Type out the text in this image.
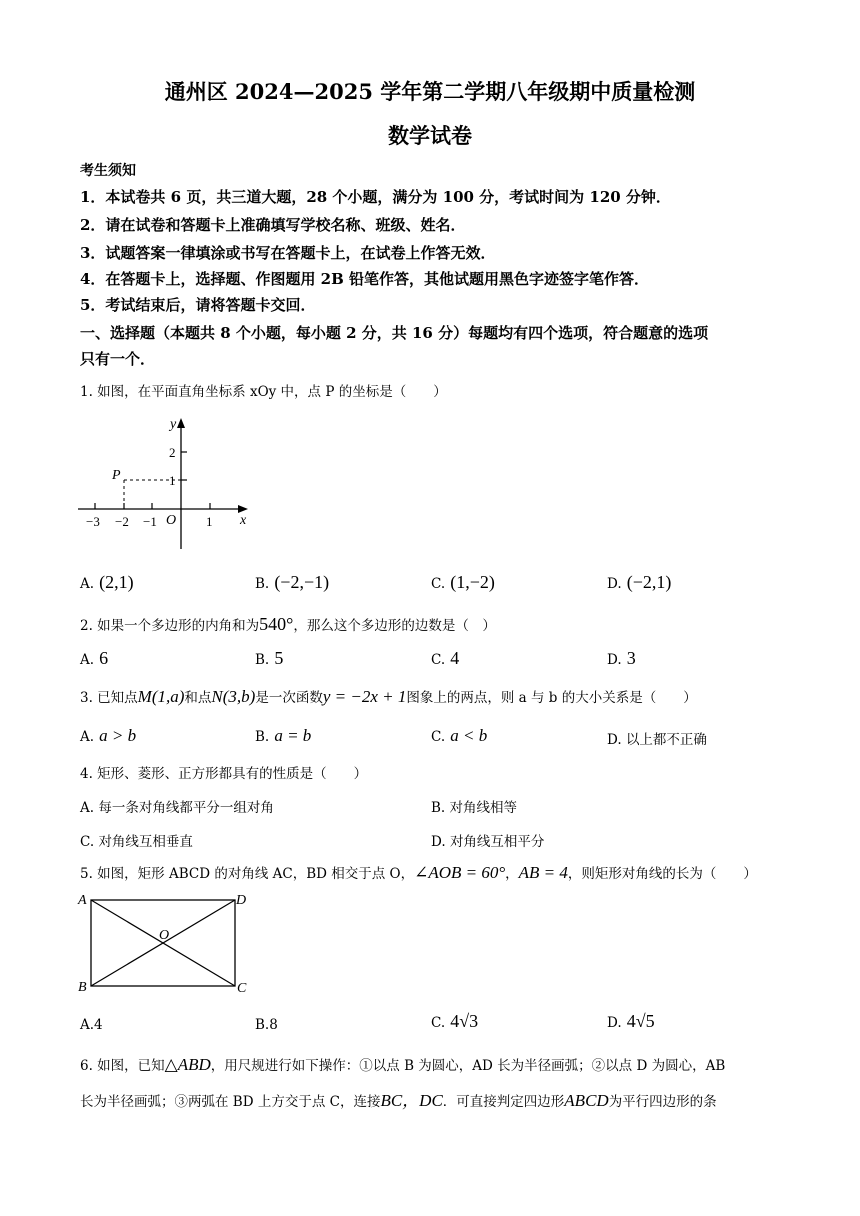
通州区 2024—2025 学年第二学期八年级期中质量检测
数学试卷
考生须知
1．本试卷共 6 页，共三道大题，28 个小题，满分为 100 分，考试时间为 120 分钟．
2．请在试卷和答题卡上准确填写学校名称、班级、姓名．
3．试题答案一律填涂或书写在答题卡上，在试卷上作答无效．
4．在答题卡上，选择题、作图题用 2B 铅笔作答，其他试题用黑色字迹签字笔作答．
5．考试结束后，请将答题卡交回．
一、选择题（本题共 8 个小题，每小题 2 分，共 16 分）每题均有四个选项，符合题意的选项
只有一个．
1. 如图，在平面直角坐标系 xOy 中，点 P 的坐标是（　　）
−3 −2 −1	1
2
1
O	x
y
P
A. (2,1)	B. (−2,−1)	C. (1,−2)	D. (−2,1)
2. 如果一个多边形的内角和为540°，那么这个多边形的边数是（　）
A. 6	B. 5	C. 4	D. 3
3. 已知点M(1,a)和点N(3,b)是一次函数y = −2x + 1图象上的两点，则 a 与 b 的大小关系是（　　）
A. a > b	B. a = b	C. a < b	D. 以上都不正确
4. 矩形、菱形、正方形都具有的性质是（　　）
A. 每一条对角线都平分一组对角	B. 对角线相等
C. 对角线互相垂直	D. 对角线互相平分
5. 如图，矩形 ABCD 的对角线 AC，BD 相交于点 O，∠AOB = 60°，AB = 4，则矩形对角线的长为（　　）
A	D
B	C
O
A.4	B.8	C. 4√3	D. 4√5
6. 如图，已知△ABD，用尺规进行如下操作：①以点 B 为圆心，AD 长为半径画弧；②以点 D 为圆心，AB
长为半径画弧；③两弧在 BD 上方交于点 C，连接BC，DC．可直接判定四边形ABCD为平行四边形的条
